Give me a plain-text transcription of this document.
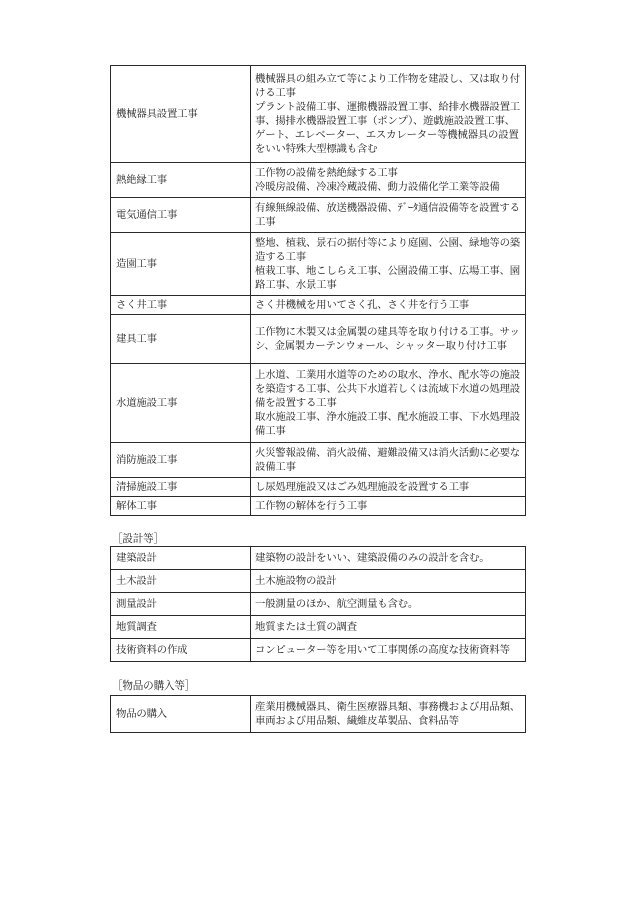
機械器具設置工事	機械器具の組み立て等により工作物を建設し、又は取り付ける工事
プラント設備工事、運搬機器設置工事、給排水機器設置工事、揚排水機器設置工事（ポンプ）、遊戯施設設置工事、ゲート、エレベーター、エスカレーター等機械器具の設置をいい特殊大型標識も含む

熱絶縁工事	工作物の設備を熱絶縁する工事
冷暖房設備、冷凍冷蔵設備、動力設備化学工業等設備

電気通信工事	有線無線設備、放送機器設備、ﾃﾞｰﾀ通信設備等を設置する工事

造園工事	整地、植栽、景石の据付等により庭園、公園、緑地等の築造する工事
植栽工事、地こしらえ工事、公園設備工事、広場工事、園路工事、水景工事

さく井工事	さく井機械を用いてさく孔、さく井を行う工事

建具工事	工作物に木製又は金属製の建具等を取り付ける工事。サッシ、金属製カーテンウォール、シャッター取り付け工事

水道施設工事	上水道、工業用水道等のための取水、浄水、配水等の施設を築造する工事、公共下水道若しくは流域下水道の処理設備を設置する工事
取水施設工事、浄水施設工事、配水施設工事、下水処理設備工事

消防施設工事	火災警報設備、消火設備、避難設備又は消火活動に必要な設備工事

清掃施設工事	し尿処理施設又はごみ処理施設を設置する工事

解体工事	工作物の解体を行う工事
［設計等］
建築設計	建築物の設計をいい、建築設備のみの設計を含む。
土木設計	土木施設物の設計
測量設計	一般測量のほか、航空測量も含む。
地質調査	地質または土質の調査
技術資料の作成	コンピューター等を用いて工事関係の高度な技術資料等
［物品の購入等］
物品の購入	産業用機械器具、衛生医療器具類、事務機および用品類、車両および用品類、繊維皮革製品、食料品等
